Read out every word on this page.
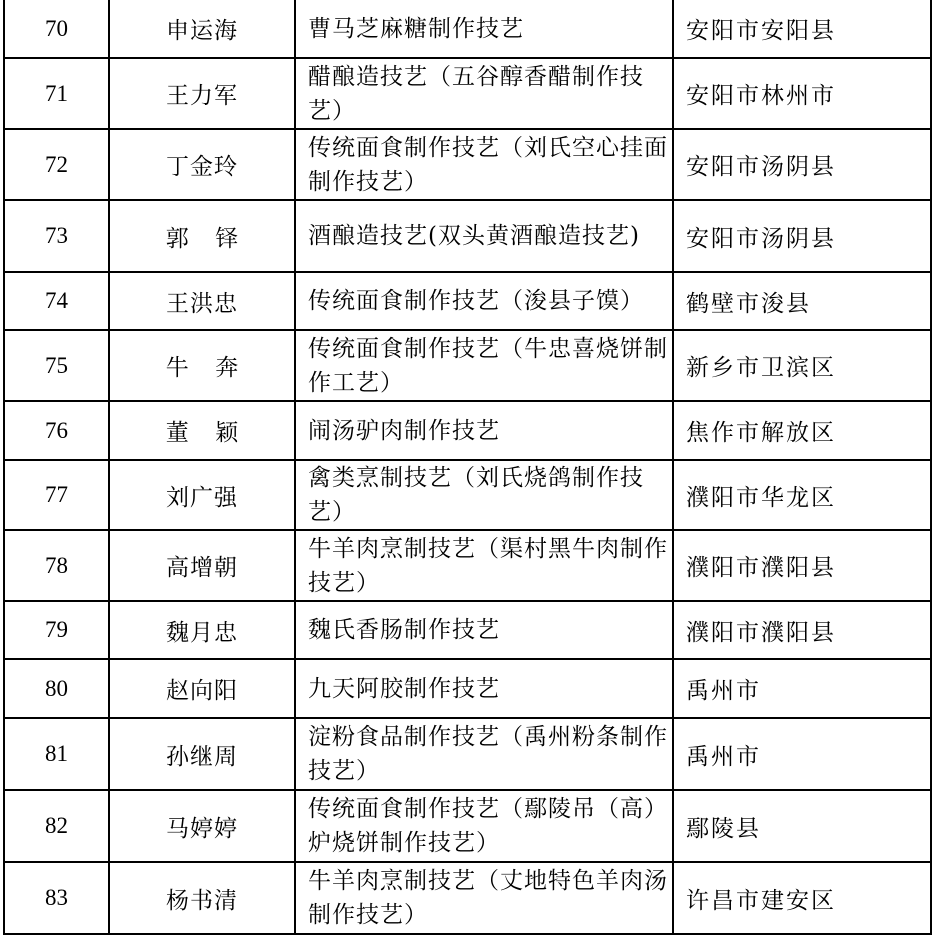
70	申运海	曹马芝麻糖制作技艺	安阳市安阳县
71	王力军	醋酿造技艺（五谷醇香醋制作技艺）	安阳市林州市
72	丁金玲	传统面食制作技艺（刘氏空心挂面制作技艺）	安阳市汤阴县
73	郭铎	酒酿造技艺(双头黄酒酿造技艺)	安阳市汤阴县
74	王洪忠	传统面食制作技艺（浚县子馍）	鹤壁市浚县
75	牛奔	传统面食制作技艺（牛忠喜烧饼制作工艺）	新乡市卫滨区
76	董颖	闹汤驴肉制作技艺	焦作市解放区
77	刘广强	禽类烹制技艺（刘氏烧鸽制作技艺）	濮阳市华龙区
78	高增朝	牛羊肉烹制技艺（渠村黑牛肉制作技艺）	濮阳市濮阳县
79	魏月忠	魏氏香肠制作技艺	濮阳市濮阳县
80	赵向阳	九天阿胶制作技艺	禹州市
81	孙继周	淀粉食品制作技艺（禹州粉条制作技艺）	禹州市
82	马婷婷	传统面食制作技艺（鄢陵吊（高）炉烧饼制作技艺）	鄢陵县
83	杨书清	牛羊肉烹制技艺（丈地特色羊肉汤制作技艺）	许昌市建安区
